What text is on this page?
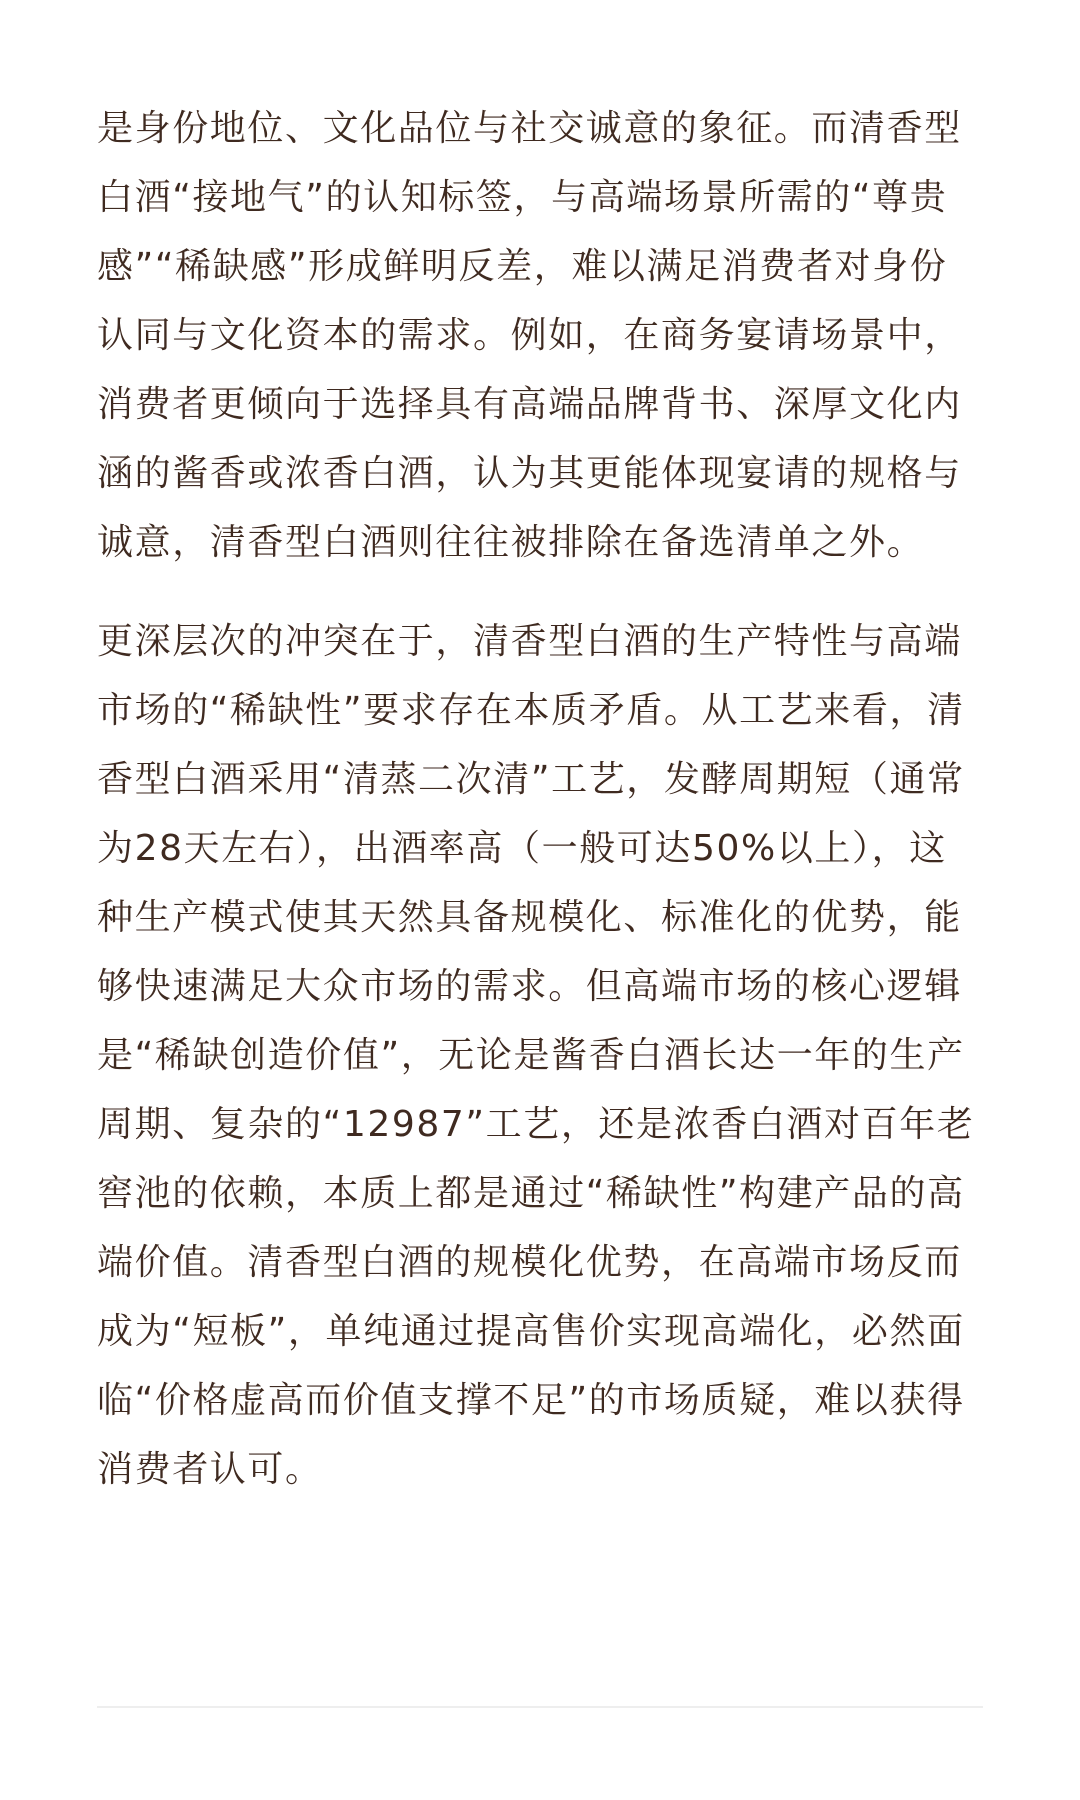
是身份地位、文化品位与社交诚意的象征。而清香型白酒“接地气”的认知标签，与高端场景所需的“尊贵感”“稀缺感”形成鲜明反差，难以满足消费者对身份认同与文化资本的需求。例如，在商务宴请场景中，消费者更倾向于选择具有高端品牌背书、深厚文化内涵的酱香或浓香白酒，认为其更能体现宴请的规格与诚意，清香型白酒则往往被排除在备选清单之外。

更深层次的冲突在于，清香型白酒的生产特性与高端市场的“稀缺性”要求存在本质矛盾。从工艺来看，清香型白酒采用“清蒸二次清”工艺，发酵周期短（通常为28天左右），出酒率高（一般可达50%以上），这种生产模式使其天然具备规模化、标准化的优势，能够快速满足大众市场的需求。但高端市场的核心逻辑是“稀缺创造价值”，无论是酱香白酒长达一年的生产周期、复杂的“12987”工艺，还是浓香白酒对百年老窖池的依赖，本质上都是通过“稀缺性”构建产品的高端价值。清香型白酒的规模化优势，在高端市场反而成为“短板”，单纯通过提高售价实现高端化，必然面临“价格虚高而价值支撑不足”的市场质疑，难以获得消费者认可。
